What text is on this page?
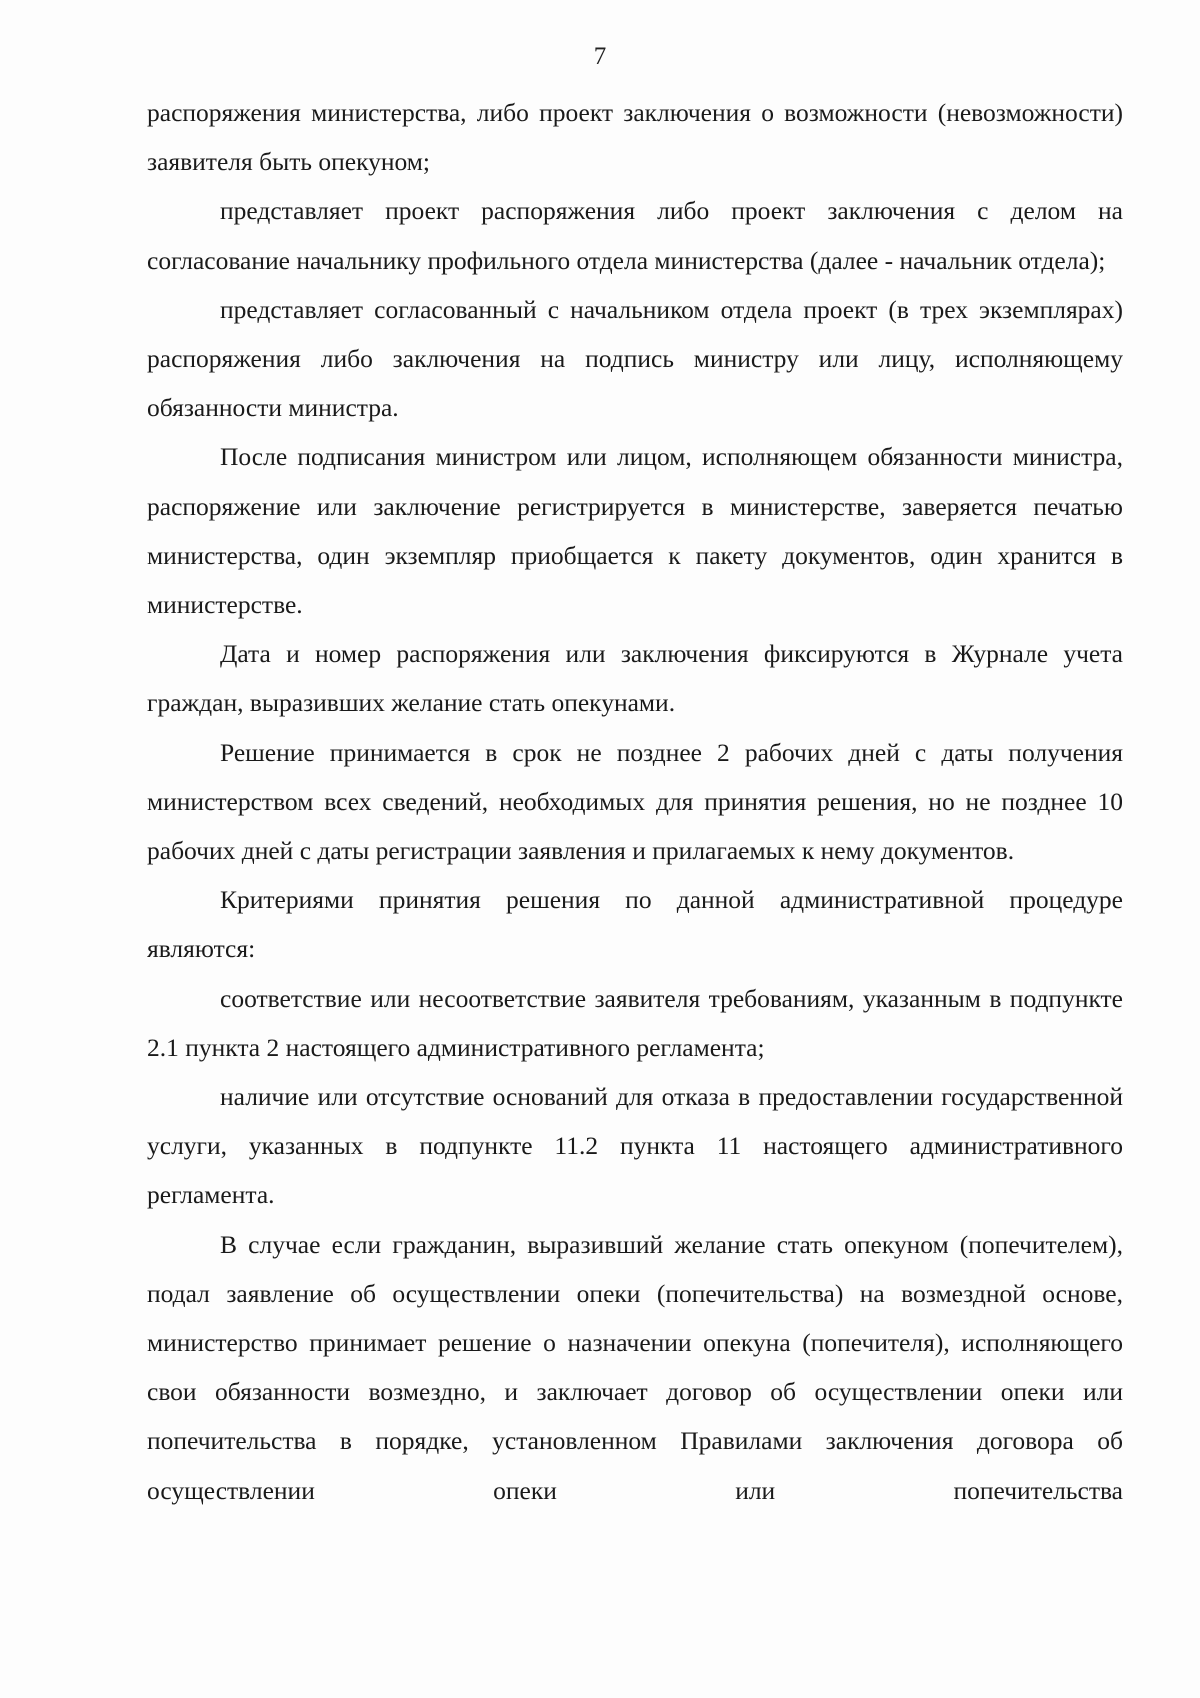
7

распоряжения министерства, либо проект заключения о возможности (невозможности) заявителя быть опекуном;

представляет проект распоряжения либо проект заключения с делом на согласование начальнику профильного отдела министерства (далее - начальник отдела);

представляет согласованный с начальником отдела проект (в трех экземплярах) распоряжения либо заключения на подпись министру или лицу, исполняющему обязанности министра.

После подписания министром или лицом, исполняющем обязанности министра, распоряжение или заключение регистрируется в министерстве, заверяется печатью министерства, один экземпляр приобщается к пакету документов, один хранится в министерстве.

Дата и номер распоряжения или заключения фиксируются в Журнале учета граждан, выразивших желание стать опекунами.

Решение принимается в срок не позднее 2 рабочих дней с даты получения министерством всех сведений, необходимых для принятия решения, но не позднее 10 рабочих дней с даты регистрации заявления и прилагаемых к нему документов.

Критериями принятия решения по данной административной процедуре являются:

соответствие или несоответствие заявителя требованиям, указанным в подпункте 2.1 пункта 2 настоящего административного регламента;

наличие или отсутствие оснований для отказа в предоставлении государственной услуги, указанных в подпункте 11.2 пункта 11 настоящего административного регламента.

В случае если гражданин, выразивший желание стать опекуном (попечителем), подал заявление об осуществлении опеки (попечительства) на возмездной основе, министерство принимает решение о назначении опекуна (попечителя), исполняющего свои обязанности возмездно, и заключает договор об осуществлении опеки или попечительства в порядке, установленном Правилами заключения договора об осуществлении опеки или попечительства
